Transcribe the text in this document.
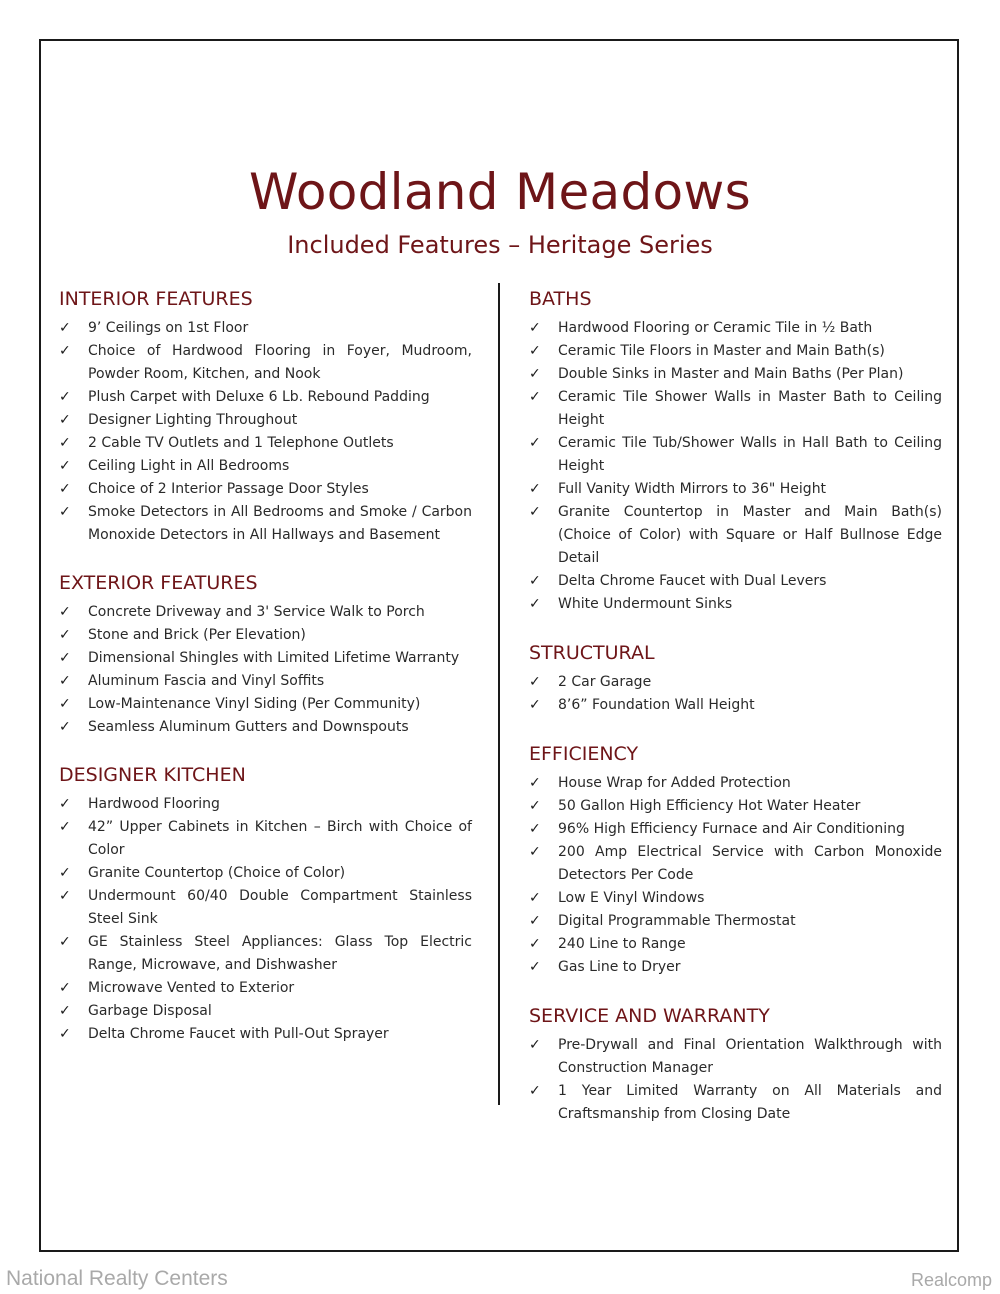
Woodland Meadows
Included Features – Heritage Series
INTERIOR FEATURES
✓ 9’ Ceilings on 1st Floor
✓ Choice of Hardwood Flooring in Foyer, Mudroom, Powder Room, Kitchen, and Nook
✓ Plush Carpet with Deluxe 6 Lb. Rebound Padding
✓ Designer Lighting Throughout
✓ 2 Cable TV Outlets and 1 Telephone Outlets
✓ Ceiling Light in All Bedrooms
✓ Choice of 2 Interior Passage Door Styles
✓ Smoke Detectors in All Bedrooms and Smoke / Carbon Monoxide Detectors in All Hallways and Basement
EXTERIOR FEATURES
✓ Concrete Driveway and 3' Service Walk to Porch
✓ Stone and Brick (Per Elevation)
✓ Dimensional Shingles with Limited Lifetime Warranty
✓ Aluminum Fascia and Vinyl Soffits
✓ Low-Maintenance Vinyl Siding (Per Community)
✓ Seamless Aluminum Gutters and Downspouts
DESIGNER KITCHEN
✓ Hardwood Flooring
✓ 42” Upper Cabinets in Kitchen – Birch with Choice of Color
✓ Granite Countertop (Choice of Color)
✓ Undermount 60/40 Double Compartment Stainless Steel Sink
✓ GE Stainless Steel Appliances: Glass Top Electric Range, Microwave, and Dishwasher
✓ Microwave Vented to Exterior
✓ Garbage Disposal
✓ Delta Chrome Faucet with Pull-Out Sprayer
BATHS
✓ Hardwood Flooring or Ceramic Tile in ½ Bath
✓ Ceramic Tile Floors in Master and Main Bath(s)
✓ Double Sinks in Master and Main Baths (Per Plan)
✓ Ceramic Tile Shower Walls in Master Bath to Ceiling Height
✓ Ceramic Tile Tub/Shower Walls in Hall Bath to Ceiling Height
✓ Full Vanity Width Mirrors to 36" Height
✓ Granite Countertop in Master and Main Bath(s) (Choice of Color) with Square or Half Bullnose Edge Detail
✓ Delta Chrome Faucet with Dual Levers
✓ White Undermount Sinks
STRUCTURAL
✓ 2 Car Garage
✓ 8’6” Foundation Wall Height
EFFICIENCY
✓ House Wrap for Added Protection
✓ 50 Gallon High Efficiency Hot Water Heater
✓ 96% High Efficiency Furnace and Air Conditioning
✓ 200 Amp Electrical Service with Carbon Monoxide Detectors Per Code
✓ Low E Vinyl Windows
✓ Digital Programmable Thermostat
✓ 240 Line to Range
✓ Gas Line to Dryer
SERVICE AND WARRANTY
✓ Pre-Drywall and Final Orientation Walkthrough with Construction Manager
✓ 1 Year Limited Warranty on All Materials and Craftsmanship from Closing Date
National Realty Centers	Realcomp
